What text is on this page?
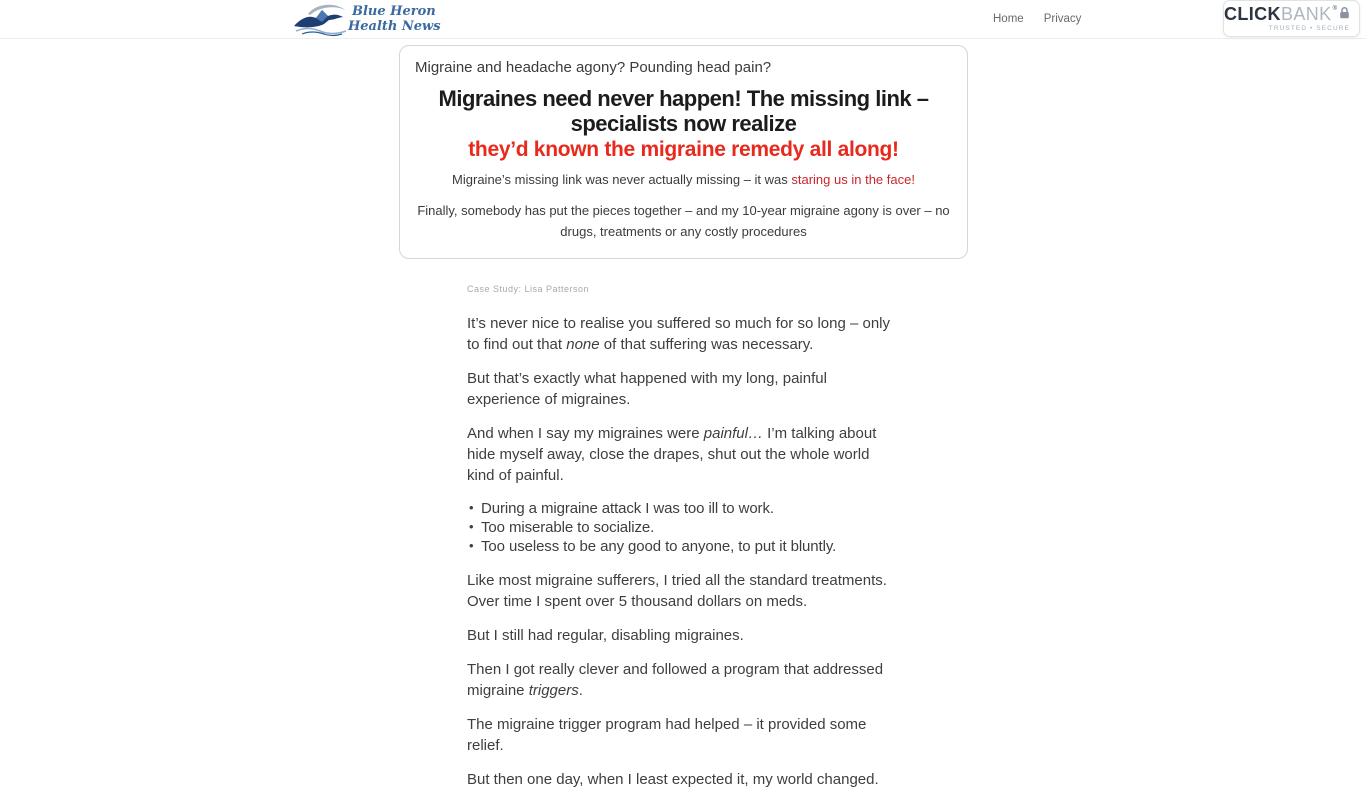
Blue Heron
Health News
Home Privacy	CLICK BANK ®
TRUSTED • SECURE
Migraine and headache agony? Pounding head pain?
Migraines need never happen! The missing link – specialists now realize
they’d known the migraine remedy all along!
Migraine’s missing link was never actually missing – it was staring us in the face!
Finally, somebody has put the pieces together – and my 10-year migraine agony is over – no drugs, treatments or any costly procedures
Case Study: Lisa Patterson

It’s never nice to realise you suffered so much for so long – only to find out that none of that suffering was necessary.

But that’s exactly what happened with my long, painful experience of migraines.

And when I say my migraines were painful… I’m talking about hide myself away, close the drapes, shut out the whole world kind of painful.

• During a migraine attack I was too ill to work.
• Too miserable to socialize.
• Too useless to be any good to anyone, to put it bluntly.

Like most migraine sufferers, I tried all the standard treatments. Over time I spent over 5 thousand dollars on meds.

But I still had regular, disabling migraines.

Then I got really clever and followed a program that addressed migraine triggers.

The migraine trigger program had helped – it provided some relief.

But then one day, when I least expected it, my world changed.
